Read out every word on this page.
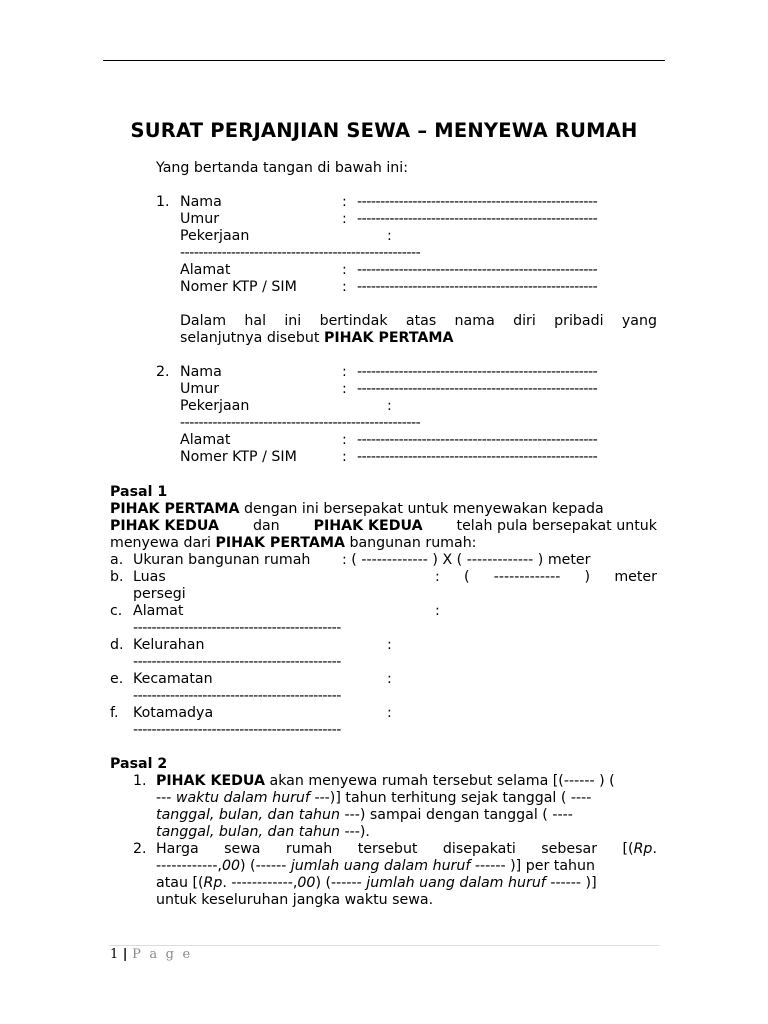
SURAT PERJANJIAN SEWA – MENYEWA RUMAH
Yang bertanda tangan di bawah ini:
1. Nama	: ----------------------------------------------------
Umur	: ----------------------------------------------------
Pekerjaan	:
----------------------------------------------------
Alamat	: ----------------------------------------------------
Nomer KTP / SIM	: ----------------------------------------------------
Dalam hal ini bertindak atas nama diri pribadi yang
selanjutnya disebut PIHAK PERTAMA
2. Nama	: ----------------------------------------------------
Umur	: ----------------------------------------------------
Pekerjaan	:
----------------------------------------------------
Alamat	: ----------------------------------------------------
Nomer KTP / SIM	: ----------------------------------------------------
Pasal 1
PIHAK PERTAMA dengan ini bersepakat untuk menyewakan kepada
PIHAK KEDUA dan PIHAK KEDUA telah pula bersepakat untuk
menyewa dari PIHAK PERTAMA bangunan rumah:
a. Ukuran bangunan rumah : ( ------------- ) X ( ------------- ) meter
b. Luas	: ( ------------- ) meter
persegi
c. Alamat	:
---------------------------------------------
d. Kelurahan	:
---------------------------------------------
e. Kecamatan	:
---------------------------------------------
f. Kotamadya	:
---------------------------------------------
Pasal 2
1. PIHAK KEDUA akan menyewa rumah tersebut selama [(------ ) (
--- waktu dalam huruf ---)] tahun terhitung sejak tanggal ( ----
tanggal, bulan, dan tahun ---) sampai dengan tanggal ( ----
tanggal, bulan, dan tahun ---).
2. Harga sewa rumah tersebut disepakati sebesar [(Rp.
------------,00) (------ jumlah uang dalam huruf ------ )] per tahun
atau [(Rp. ------------,00) (------ jumlah uang dalam huruf ------ )]
untuk keseluruhan jangka waktu sewa.
1 | P a g e
